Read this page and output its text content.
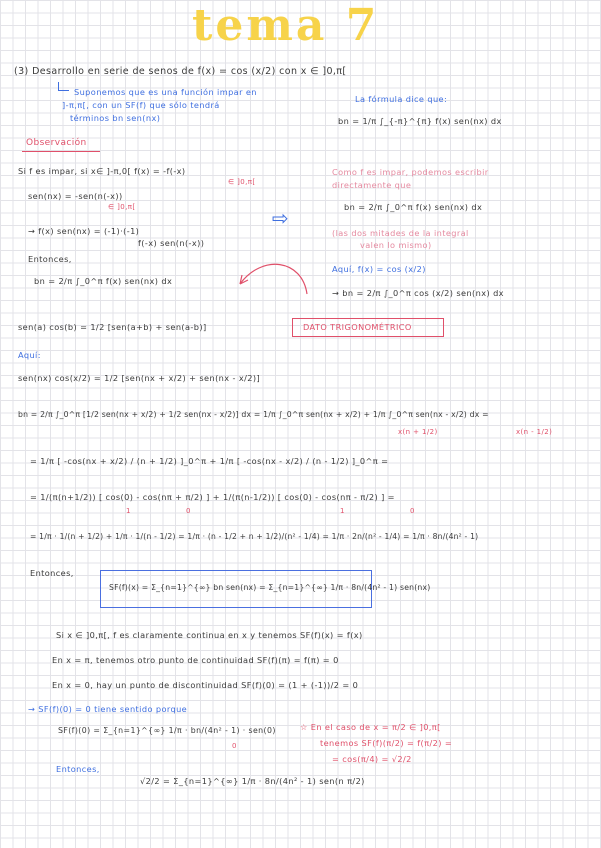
tema 7
(3) Desarrollo en serie de senos de f(x) = cos (x/2) con x ∈ ]0,π[
Suponemos que es una función impar en
]-π,π[, con un SF(f) que sólo tendrá
términos bn sen(nx)
La fórmula dice que:
bn = 1/π ∫_{-π}^{π} f(x) sen(nx) dx
Observación
Si f es impar, si x∈ ]-π,0[ f(x) = -f(-x)
∈ ]0,π[
sen(nx) = -sen(n(-x))
∈ ]0,π[
→ f(x) sen(nx) = (-1)·(-1)
f(-x) sen(n(-x))
Entonces,
bn = 2/π ∫_0^π f(x) sen(nx) dx
⇨
Como f es impar, podemos escribir
directamente que
bn = 2/π ∫_0^π f(x) sen(nx) dx
(las dos mitades de la integral
valen lo mismo)
Aquí, f(x) = cos (x/2)
→ bn = 2/π ∫_0^π cos (x/2) sen(nx) dx
sen(a) cos(b) = 1/2 [sen(a+b) + sen(a-b)]	DATO TRIGONOMÉTRICO
Aquí:
sen(nx) cos(x/2) = 1/2 [sen(nx + x/2) + sen(nx - x/2)]
bn = 2/π ∫_0^π [1/2 sen(nx + x/2) + 1/2 sen(nx - x/2)] dx = 1/π ∫_0^π sen(nx + x/2) + 1/π ∫_0^π sen(nx - x/2) dx =
x(n + 1/2)	x(n - 1/2)
= 1/π [ -cos(nx + x/2) / (n + 1/2) ]_0^π + 1/π [ -cos(nx - x/2) / (n - 1/2) ]_0^π =
= 1/(π(n+1/2)) [ cos(0) - cos(nπ + π/2) ] + 1/(π(n-1/2)) [ cos(0) - cos(nπ - π/2) ] =
1	0	1	0
= 1/π · 1/(n + 1/2) + 1/π · 1/(n - 1/2) = 1/π · (n - 1/2 + n + 1/2)/(n² - 1/4) = 1/π · 2n/(n² - 1/4) = 1/π · 8n/(4n² - 1)
Entonces,
SF(f)(x) = Σ_{n=1}^{∞} bn sen(nx) = Σ_{n=1}^{∞} 1/π · 8n/(4n² - 1) sen(nx)
Si x ∈ ]0,π[, f es claramente continua en x y tenemos SF(f)(x) = f(x)
En x = π, tenemos otro punto de continuidad SF(f)(π) = f(π) = 0
En x = 0, hay un punto de discontinuidad SF(f)(0) = (1 + (-1))/2 = 0
→ SF(f)(0) = 0 tiene sentido porque
SF(f)(0) = Σ_{n=1}^{∞} 1/π · bn/(4n² - 1) · sen(0)
0
☆ En el caso de x = π/2 ∈ ]0,π[
tenemos SF(f)(π/2) = f(π/2) =
= cos(π/4) = √2/2
Entonces,
√2/2 = Σ_{n=1}^{∞} 1/π · 8n/(4n² - 1) sen(n π/2)
